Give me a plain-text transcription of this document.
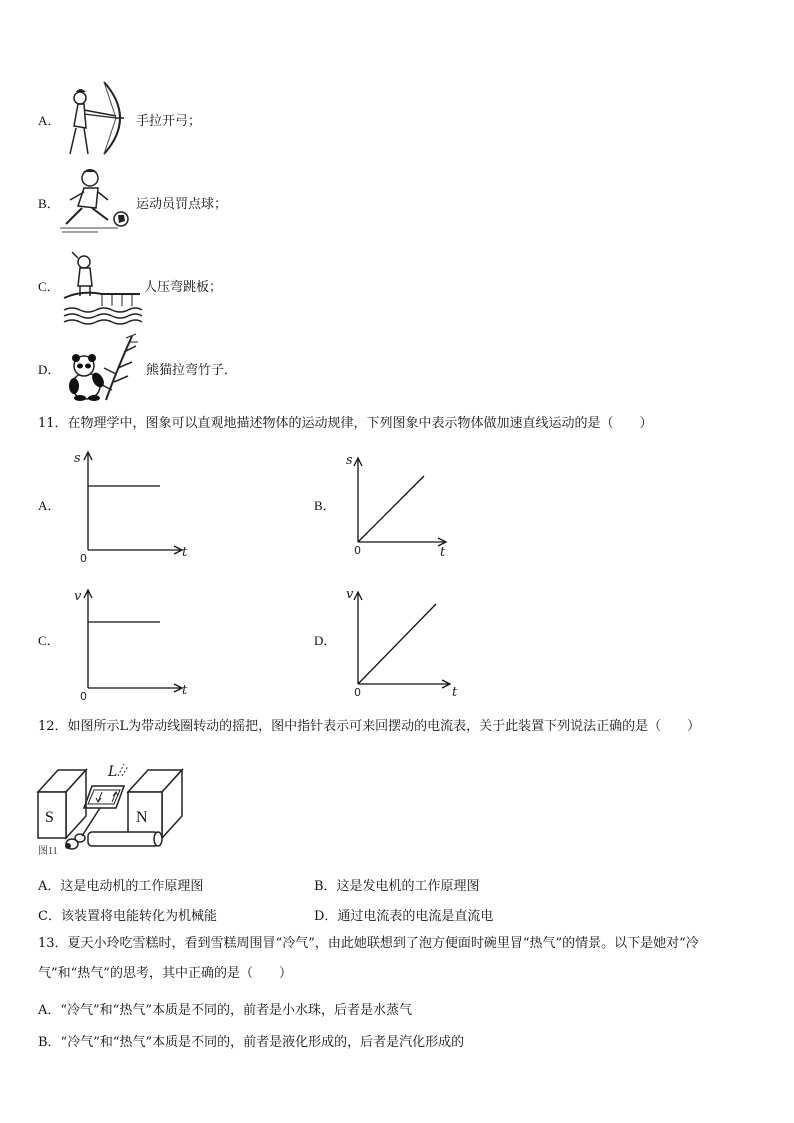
A．	手拉开弓；
B．	运动员罚点球；
C．	人压弯跳板；
D．	熊猫拉弯竹子．
11．在物理学中，图象可以直观地描述物体的运动规律，下列图象中表示物体做加速直线运动的是（　　）
A．
s
t
0
B．
s
t
0
C．
v
t
0
D．
v
t
0
12．如图所示L为带动线圈转动的摇把，图中指针表示可来回摆动的电流表，关于此装置下列说法正确的是（　　）
S	N
L
图11
A．这是电动机的工作原理图	B．这是发电机的工作原理图
C．该装置将电能转化为机械能	D．通过电流表的电流是直流电
13．夏天小玲吃雪糕时，看到雪糕周围冒“冷气”，由此她联想到了泡方便面时碗里冒“热气”的情景。以下是她对“冷
气”和“热气”的思考，其中正确的是（　　）
A．“冷气”和“热气”本质是不同的，前者是小水珠，后者是水蒸气
B．“冷气”和“热气”本质是不同的，前者是液化形成的，后者是汽化形成的
